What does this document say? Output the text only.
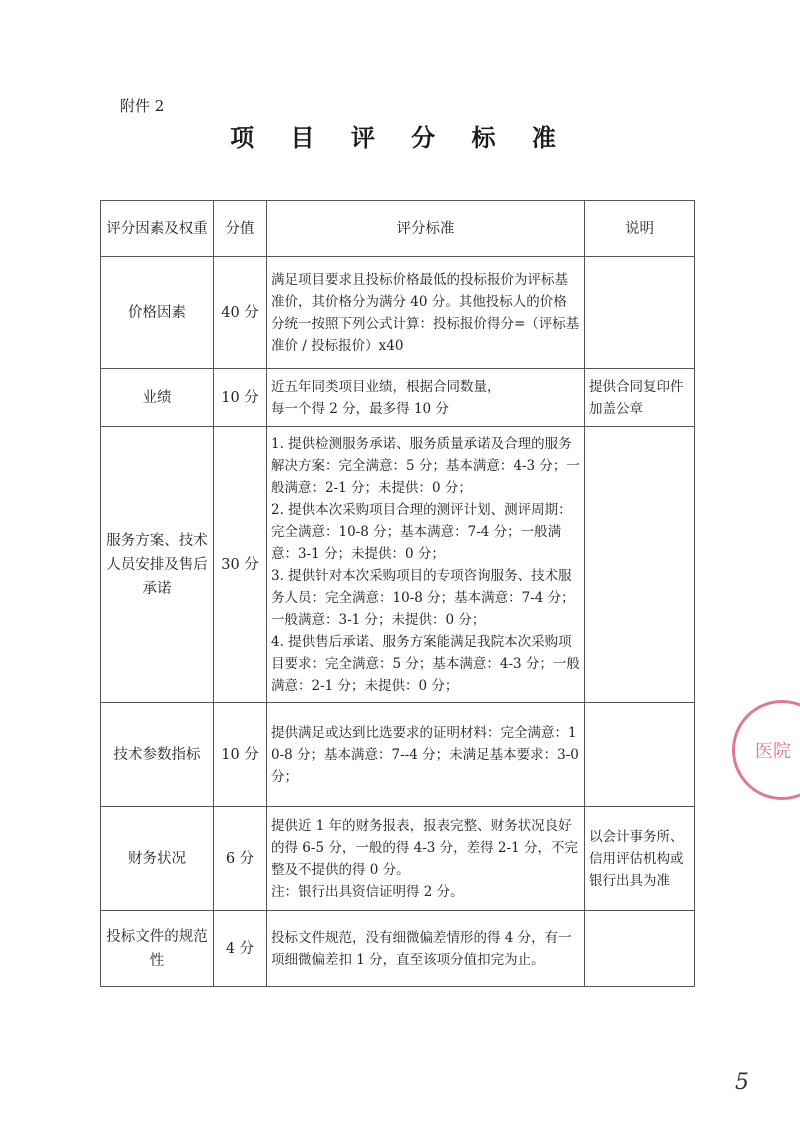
附件 2
项 目 评 分 标 准
评分因素及权重	分值	评分标准	说明
价格因素	40 分	满足项目要求且投标价格最低的投标报价为评标基准价，其价格分为满分 40 分。其他投标人的价格分统一按照下列公式计算：投标报价得分=（评标基准价 / 投标报价）x40	

业绩	10 分	近五年同类项目业绩，根据合同数量，
每一个得 2 分，最多得 10 分	提供合同复印件加盖公章
服务方案、技术人员安排及售后承诺	30 分	1. 提供检测服务承诺、服务质量承诺及合理的服务解决方案：完全满意：5 分；基本满意：4-3 分；一般满意：2-1 分；未提供：0 分；
2. 提供本次采购项目合理的测评计划、测评周期：完全满意：10-8 分；基本满意：7-4 分；一般满意：3-1 分；未提供：0 分；
3. 提供针对本次采购项目的专项咨询服务、技术服务人员：完全满意：10-8 分；基本满意：7-4 分；一般满意：3-1 分；未提供：0 分；
4. 提供售后承诺、服务方案能满足我院本次采购项目要求：完全满意：5 分；基本满意：4-3 分；一般满意：2-1 分；未提供：0 分；	

技术参数指标	10 分	提供满足或达到比选要求的证明材料：完全满意：10-8 分；基本满意：7--4 分；未满足基本要求：3-0 分；	

财务状况	6 分	提供近 1 年的财务报表，报表完整、财务状况良好的得 6-5 分，一般的得 4-3 分，差得 2-1 分，不完整及不提供的得 0 分。
注：银行出具资信证明得 2 分。	以会计事务所、信用评估机构或银行出具为准
投标文件的规范性	4 分	投标文件规范，没有细微偏差情形的得 4 分，有一项细微偏差扣 1 分，直至该项分值扣完为止。	

医院
5
